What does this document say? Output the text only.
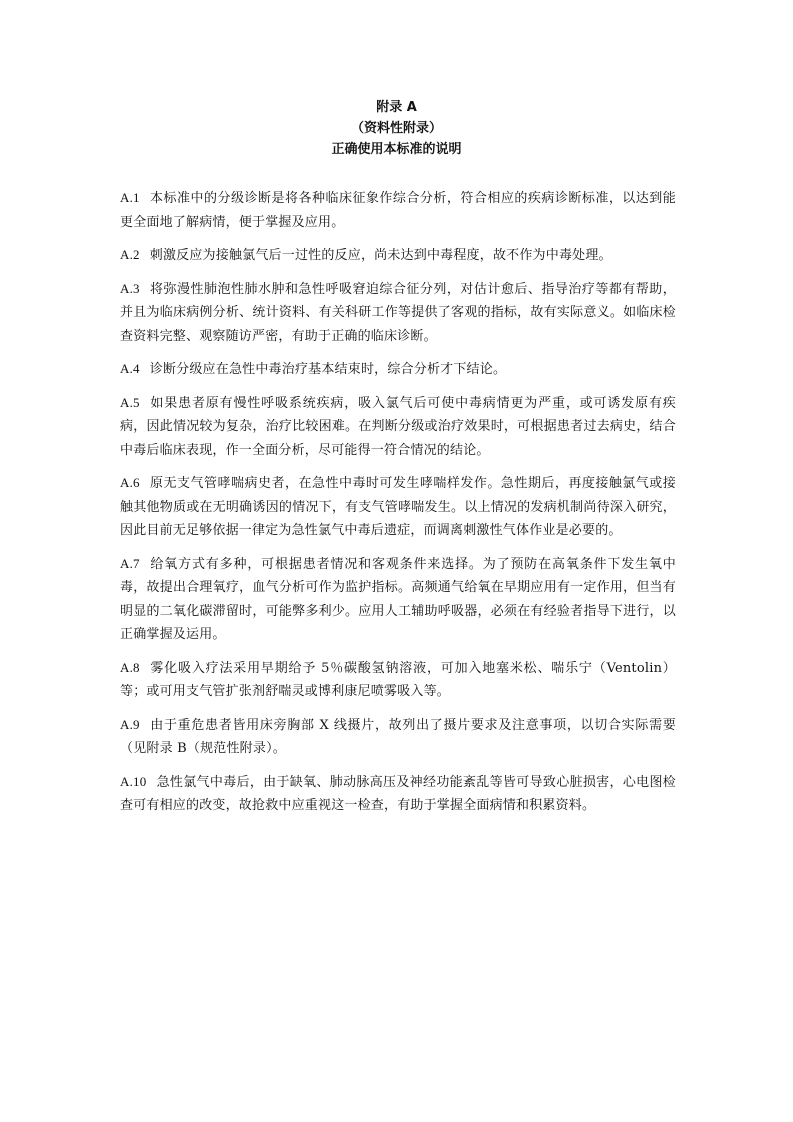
附录 A
（资料性附录）
正确使用本标准的说明

A.1 本标准中的分级诊断是将各种临床征象作综合分析，符合相应的疾病诊断标准，以达到能更全面地了解病情，便于掌握及应用。

A.2 刺激反应为接触氯气后一过性的反应，尚未达到中毒程度，故不作为中毒处理。

A.3 将弥漫性肺泡性肺水肿和急性呼吸窘迫综合征分列，对估计愈后、指导治疗等都有帮助，并且为临床病例分析、统计资料、有关科研工作等提供了客观的指标，故有实际意义。如临床检查资料完整、观察随访严密，有助于正确的临床诊断。

A.4 诊断分级应在急性中毒治疗基本结束时，综合分析才下结论。

A.5 如果患者原有慢性呼吸系统疾病，吸入氯气后可使中毒病情更为严重，或可诱发原有疾病，因此情况较为复杂，治疗比较困难。在判断分级或治疗效果时，可根据患者过去病史，结合中毒后临床表现，作一全面分析，尽可能得一符合情况的结论。

A.6 原无支气管哮喘病史者，在急性中毒时可发生哮喘样发作。急性期后，再度接触氯气或接触其他物质或在无明确诱因的情况下，有支气管哮喘发生。以上情况的发病机制尚待深入研究，因此目前无足够依据一律定为急性氯气中毒后遗症，而调离刺激性气体作业是必要的。

A.7 给氧方式有多种，可根据患者情况和客观条件来选择。为了预防在高氧条件下发生氧中毒，故提出合理氧疗，血气分析可作为监护指标。高频通气给氧在早期应用有一定作用，但当有明显的二氧化碳滞留时，可能弊多利少。应用人工辅助呼吸器，必须在有经验者指导下进行，以正确掌握及运用。

A.8 雾化吸入疗法采用早期给予 5％碳酸氢钠溶液，可加入地塞米松、喘乐宁（Ventolin）等；或可用支气管扩张剂舒喘灵或博利康尼喷雾吸入等。

A.9 由于重危患者皆用床旁胸部 X 线摄片，故列出了摄片要求及注意事项，以切合实际需要（见附录 B（规范性附录）。

A.10 急性氯气中毒后，由于缺氧、肺动脉高压及神经功能紊乱等皆可导致心脏损害，心电图检查可有相应的改变，故抢救中应重视这一检查，有助于掌握全面病情和积累资料。
